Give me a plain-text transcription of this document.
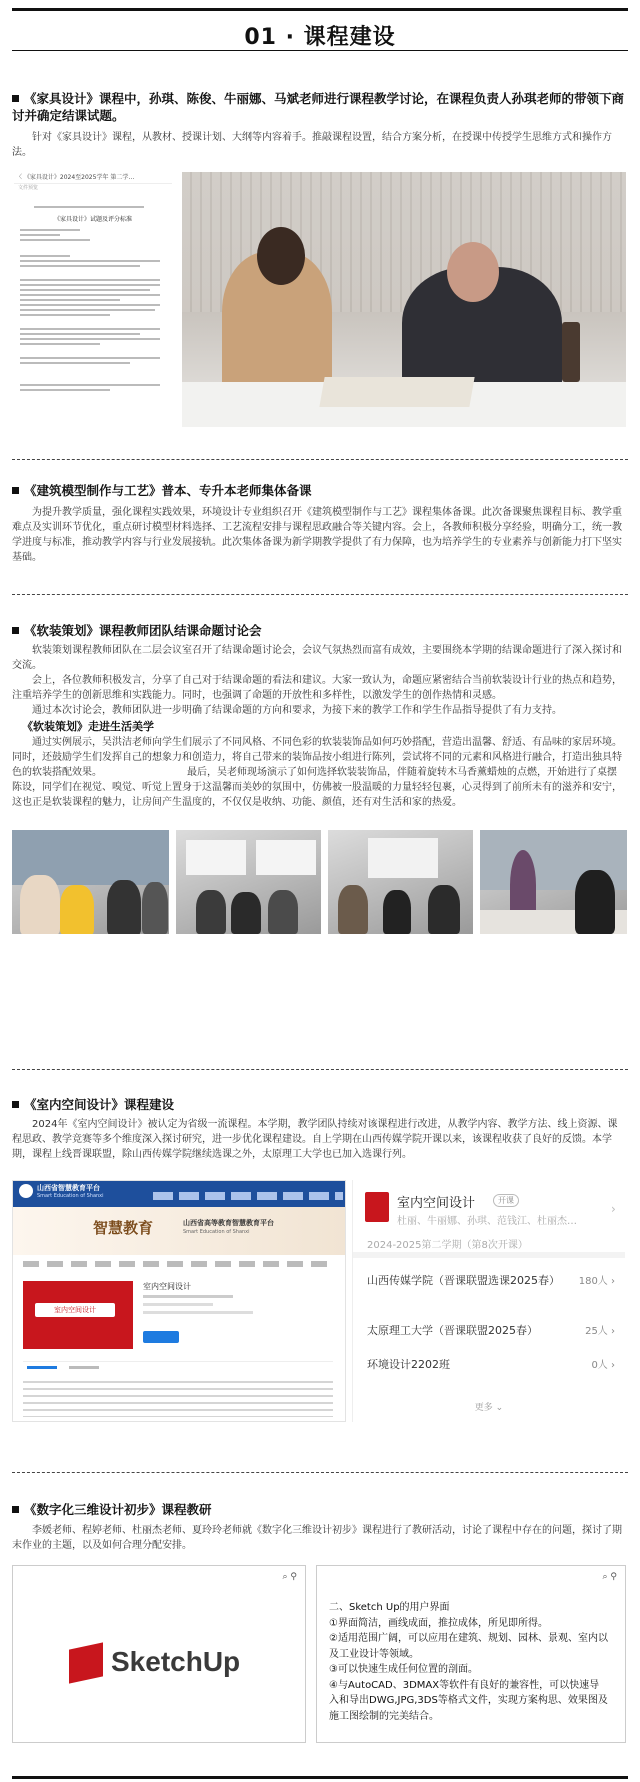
01 · 课程建设
《家具设计》课程中，孙琪、陈俊、牛丽娜、马斌老师进行课程教学讨论，在课程负责人孙琪老师的带领下商讨并确定结课试题。

针对《家具设计》课程，从教材、授课计划、大纲等内容着手。推敲课程设置，结合方案分析，在授课中传授学生思维方式和操作方法。

〈 《家具设计》2024至2025学年 第二学…
文件预览
《家具设计》试题及评分标准
《建筑模型制作与工艺》普本、专升本老师集体备课

为提升教学质量，强化课程实践效果，环境设计专业组织召开《建筑模型制作与工艺》课程集体备课。此次备课聚焦课程目标、教学重难点及实训环节优化，重点研讨模型材料选择、工艺流程安排与课程思政融合等关键内容。会上，各教师积极分享经验，明确分工，统一教学进度与标准，推动教学内容与行业发展接轨。此次集体备课为新学期教学提供了有力保障，也为培养学生的专业素养与创新能力打下坚实基础。

《软装策划》课程教师团队结课命题讨论会

软装策划课程教师团队在二层会议室召开了结课命题讨论会，会议气氛热烈而富有成效，主要围绕本学期的结课命题进行了深入探讨和交流。

会上，各位教师积极发言，分享了自己对于结课命题的看法和建议。大家一致认为，命题应紧密结合当前软装设计行业的热点和趋势，注重培养学生的创新思维和实践能力。同时，也强调了命题的开放性和多样性，以激发学生的创作热情和灵感。

通过本次讨论会，教师团队进一步明确了结课命题的方向和要求，为接下来的教学工作和学生作品指导提供了有力支持。

《软装策划》走进生活美学

通过实例展示，吴洪洁老师向学生们展示了不同风格、不同色彩的软装装饰品如何巧妙搭配，营造出温馨、舒适、有品味的家居环境。同时，还鼓励学生们发挥自己的想象力和创造力，将自己带来的装饰品按小组进行陈列，尝试将不同的元素和风格进行融合，打造出独具特色的软装搭配效果。　　　　　　　　　最后，吴老师现场演示了如何选择软装装饰品，伴随着旋转木马香薰蜡烛的点燃，开始进行了桌摆陈设，同学们在视觉、嗅觉、听觉上置身于这温馨而美妙的氛围中，仿佛被一股温暖的力量轻轻包裹，心灵得到了前所未有的滋养和安宁，这也正是软装课程的魅力，让房间产生温度的，不仅仅是收纳、功能、颜值，还有对生活和家的热爱。

《室内空间设计》课程建设

2024年《室内空间设计》被认定为省级一流课程。本学期，教学团队持续对该课程进行改进，从教学内容、教学方法、线上资源、课程思政、教学竞赛等多个维度深入探讨研究，进一步优化课程建设。自上学期在山西传媒学院开课以来，该课程收获了良好的反馈。本学期，课程上线晋课联盟，除山西传媒学院继续选课之外，太原理工大学也已加入选课行列。

山西省智慧教育平台
Smart Education of Shanxi
智慧教育	山西省高等教育智慧教育平台
Smart Education of Shanxi
室内空间设计
室内空间设计
室内空间设计	开课
杜丽、牛丽娜、孙琪、范钱江、杜丽杰…
›
2024-2025第二学期（第8次开课）
山西传媒学院（晋课联盟选课2025春） 180人 ›
太原理工大学（晋课联盟2025春）	25人 ›
环境设计2202班	0人 ›
更多 ⌄
《数字化三维设计初步》课程教研

李媛老师、程婷老师、杜丽杰老师、夏玲玲老师就《数字化三维设计初步》课程进行了教研活动，讨论了课程中存在的问题，探讨了期末作业的主题，以及如何合理分配安排。

⌕ ⚲
SketchUp
⌕ ⚲
二、Sketch Up的用户界面
①界面简洁，画线成面，推拉成体，所见即所得。
②适用范围广阔，可以应用在建筑、规划、园林、景观、室内以及工业设计等领域。
③可以快速生成任何位置的剖面。
④与AutoCAD、3DMAX等软件有良好的兼容性，可以快速导入和导出DWG,JPG,3DS等格式文件，实现方案构思、效果图及施工图绘制的完美结合。
